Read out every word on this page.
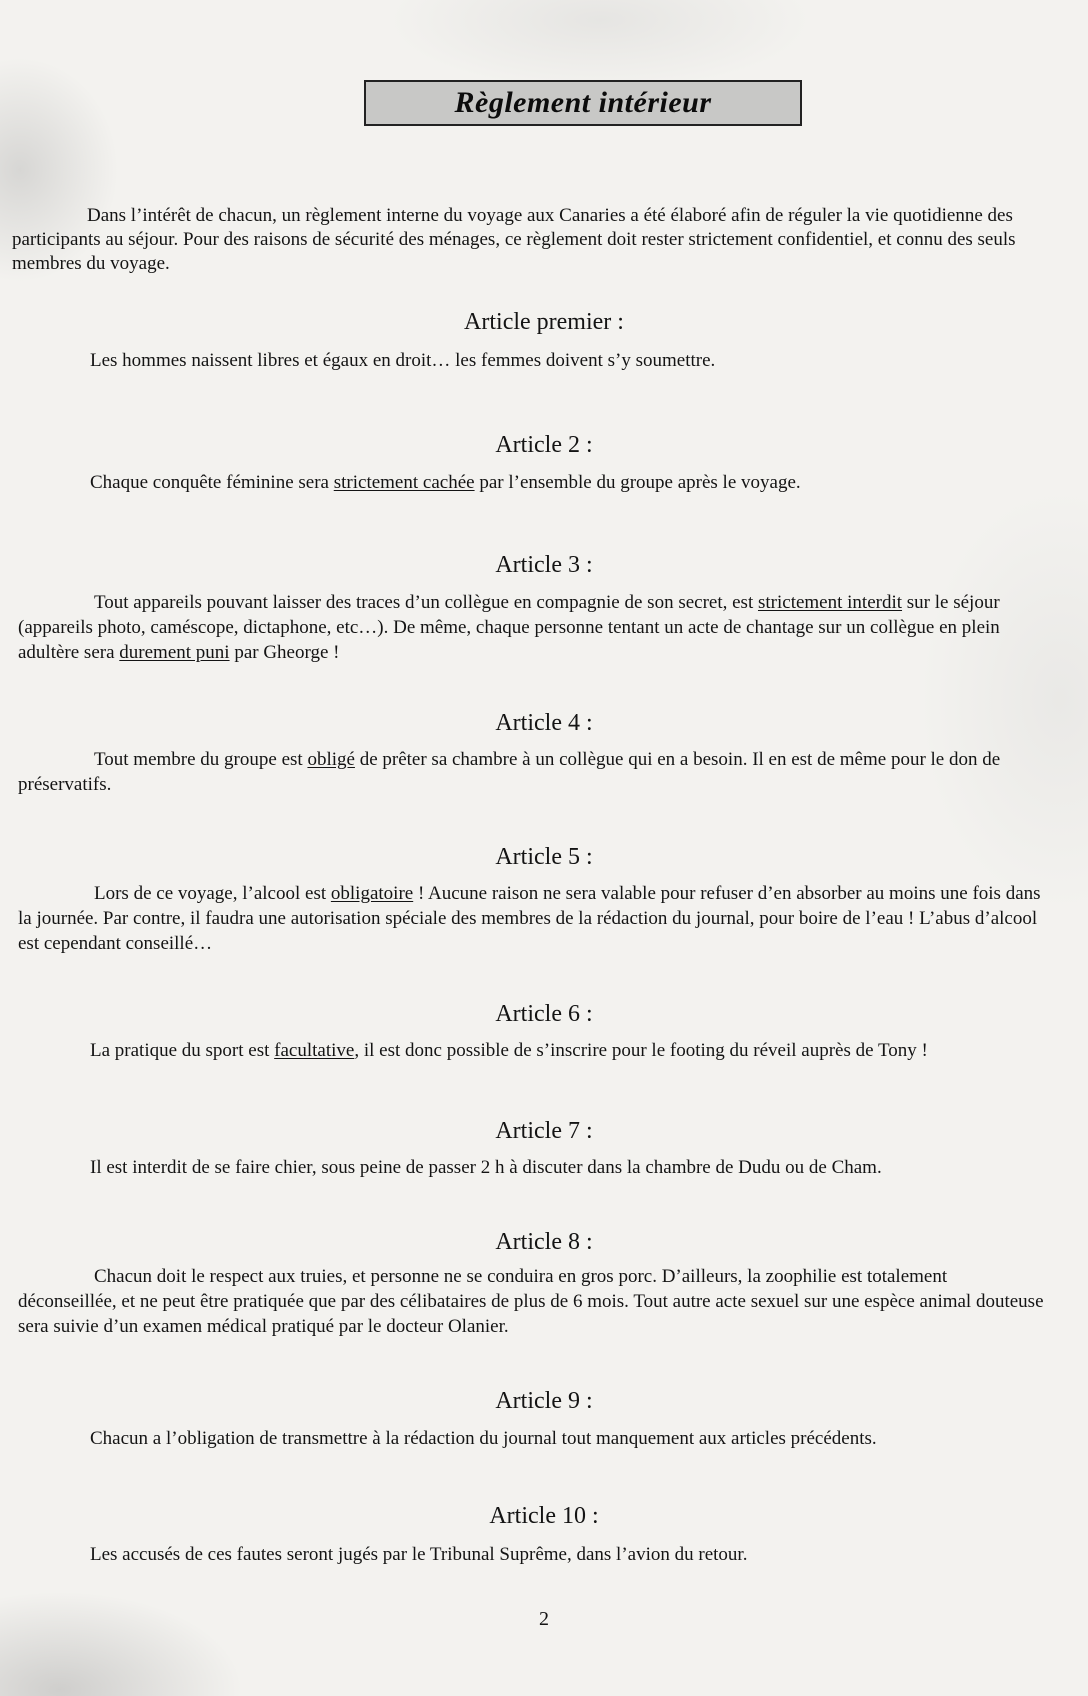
Règlement intérieur

Dans l’intérêt de chacun, un règlement interne du voyage aux Canaries a été élaboré afin de réguler la vie quotidienne des participants au séjour. Pour des raisons de sécurité des ménages, ce règlement doit rester strictement confidentiel, et connu des seuls membres du voyage.

Article premier :

Les hommes naissent libres et égaux en droit… les femmes doivent s’y soumettre.

Article 2 :

Chaque conquête féminine sera strictement cachée par l’ensemble du groupe après le voyage.

Article 3 :

Tout appareils pouvant laisser des traces d’un collègue en compagnie de son secret, est strictement interdit sur le séjour (appareils photo, caméscope, dictaphone, etc…). De même, chaque personne tentant un acte de chantage sur un collègue en plein adultère sera durement puni par Gheorge !

Article 4 :

Tout membre du groupe est obligé de prêter sa chambre à un collègue qui en a besoin. Il en est de même pour le don de préservatifs.

Article 5 :

Lors de ce voyage, l’alcool est obligatoire ! Aucune raison ne sera valable pour refuser d’en absorber au moins une fois dans la journée. Par contre, il faudra une autorisation spéciale des membres de la rédaction du journal, pour boire de l’eau ! L’abus d’alcool est cependant conseillé…

Article 6 :

La pratique du sport est facultative, il est donc possible de s’inscrire pour le footing du réveil auprès de Tony !

Article 7 :

Il est interdit de se faire chier, sous peine de passer 2 h à discuter dans la chambre de Dudu ou de Cham.

Article 8 :

Chacun doit le respect aux truies, et personne ne se conduira en gros porc. D’ailleurs, la zoophilie est totalement déconseillée, et ne peut être pratiquée que par des célibataires de plus de 6 mois. Tout autre acte sexuel sur une espèce animal douteuse sera suivie d’un examen médical pratiqué par le docteur Olanier.

Article 9 :

Chacun a l’obligation de transmettre à la rédaction du journal tout manquement aux articles précédents.

Article 10 :

Les accusés de ces fautes seront jugés par le Tribunal Suprême, dans l’avion du retour.

2
